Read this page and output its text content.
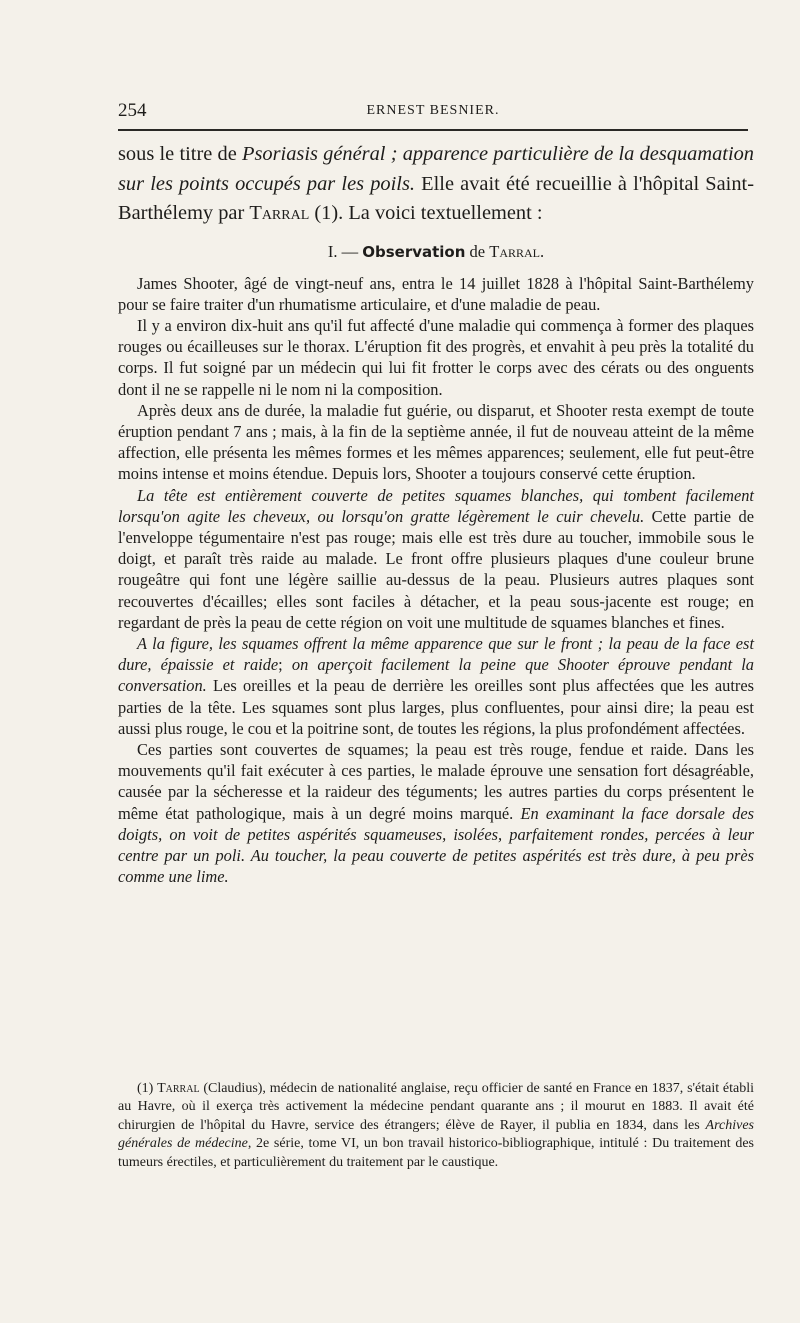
254	ERNEST BESNIER.

sous le titre de Psoriasis général ; apparence particulière de la desquamation sur les points occupés par les poils. Elle avait été recueillie à l'hôpital Saint-Barthélemy par Tarral (1). La voici textuellement :

I. — Observation de Tarral.

James Shooter, âgé de vingt-neuf ans, entra le 14 juillet 1828 à l'hôpital Saint-Barthélemy pour se faire traiter d'un rhumatisme articulaire, et d'une maladie de peau.

Il y a environ dix-huit ans qu'il fut affecté d'une maladie qui commença à former des plaques rouges ou écailleuses sur le thorax. L'éruption fit des progrès, et envahit à peu près la totalité du corps. Il fut soigné par un médecin qui lui fit frotter le corps avec des cérats ou des onguents dont il ne se rappelle ni le nom ni la composition.

Après deux ans de durée, la maladie fut guérie, ou disparut, et Shooter resta exempt de toute éruption pendant 7 ans ; mais, à la fin de la septième année, il fut de nouveau atteint de la même affection, elle présenta les mêmes formes et les mêmes apparences; seulement, elle fut peut-être moins intense et moins étendue. Depuis lors, Shooter a toujours conservé cette éruption.

La tête est entièrement couverte de petites squames blanches, qui tombent facilement lorsqu'on agite les cheveux, ou lorsqu'on gratte légèrement le cuir chevelu. Cette partie de l'enveloppe tégumentaire n'est pas rouge; mais elle est très dure au toucher, immobile sous le doigt, et paraît très raide au malade. Le front offre plusieurs plaques d'une couleur brune rougeâtre qui font une légère saillie au-dessus de la peau. Plusieurs autres plaques sont recouvertes d'écailles; elles sont faciles à détacher, et la peau sous-jacente est rouge; en regardant de près la peau de cette région on voit une multitude de squames blanches et fines.

A la figure, les squames offrent la même apparence que sur le front ; la peau de la face est dure, épaissie et raide; on aperçoit facilement la peine que Shooter éprouve pendant la conversation. Les oreilles et la peau de derrière les oreilles sont plus affectées que les autres parties de la tête. Les squames sont plus larges, plus confluentes, pour ainsi dire; la peau est aussi plus rouge, le cou et la poitrine sont, de toutes les régions, la plus profondément affectées.

Ces parties sont couvertes de squames; la peau est très rouge, fendue et raide. Dans les mouvements qu'il fait exécuter à ces parties, le malade éprouve une sensation fort désagréable, causée par la sécheresse et la raideur des téguments; les autres parties du corps présentent le même état pathologique, mais à un degré moins marqué. En examinant la face dorsale des doigts, on voit de petites aspérités squameuses, isolées, parfaitement rondes, percées à leur centre par un poli. Au toucher, la peau couverte de petites aspérités est très dure, à peu près comme une lime.

(1) Tarral (Claudius), médecin de nationalité anglaise, reçu officier de santé en France en 1837, s'était établi au Havre, où il exerça très activement la médecine pendant quarante ans ; il mourut en 1883. Il avait été chirurgien de l'hôpital du Havre, service des étrangers; élève de Rayer, il publia en 1834, dans les Archives générales de médecine, 2e série, tome VI, un bon travail historico-bibliographique, intitulé : Du traitement des tumeurs érectiles, et particulièrement du traitement par le caustique.
